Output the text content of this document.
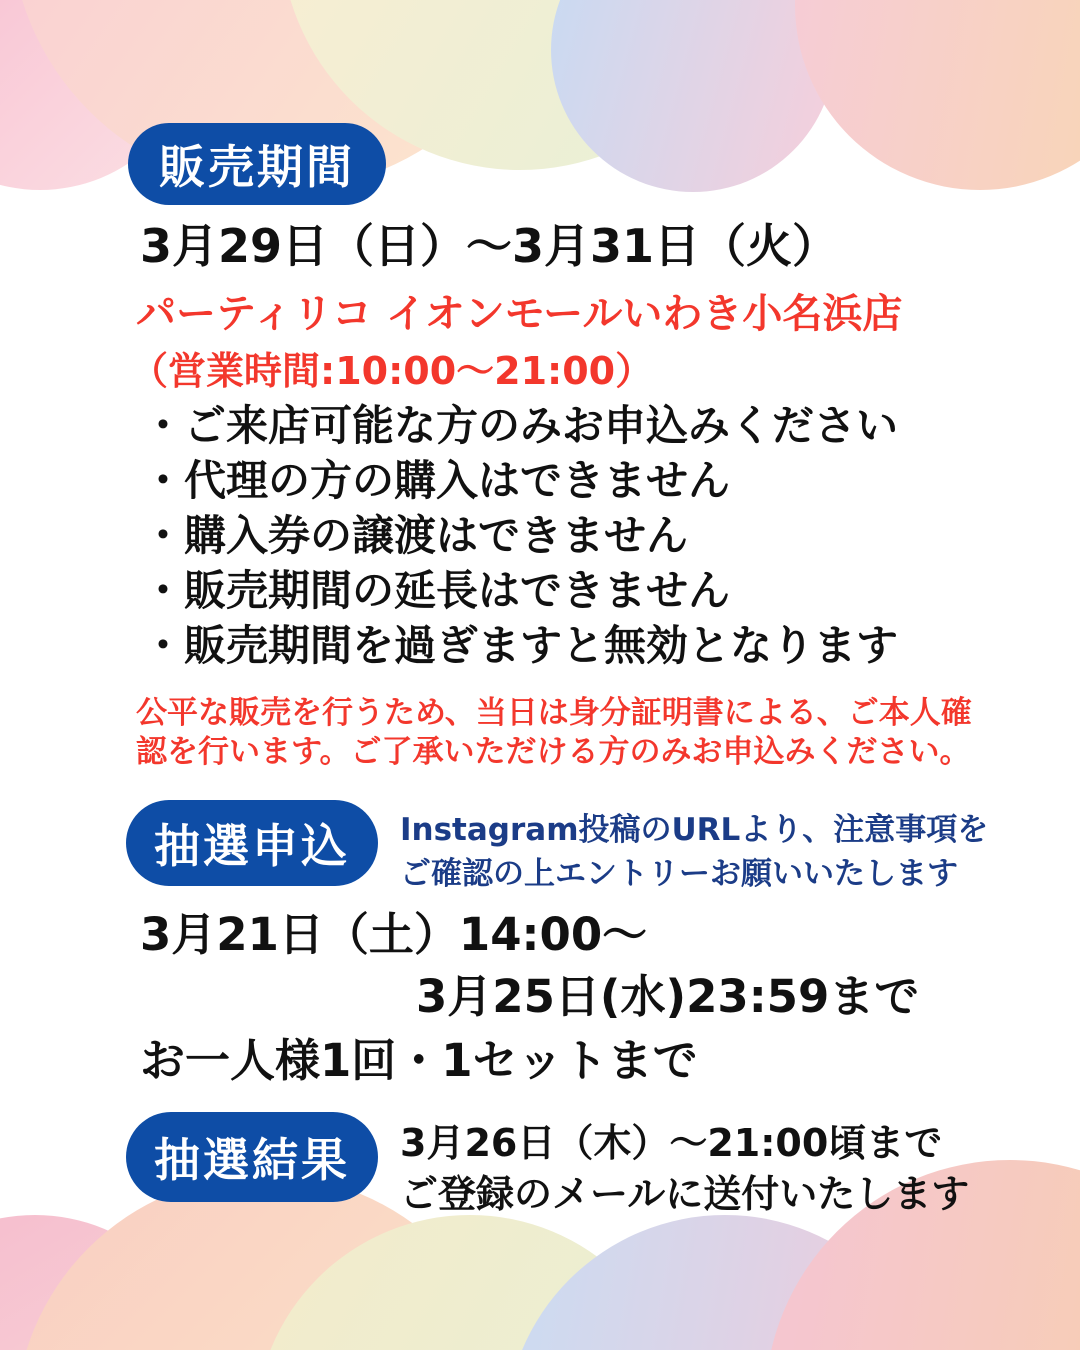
販売期間
3月29日（日）〜3月31日（火）
パーティリコ イオンモールいわき小名浜店
（営業時間:10:00〜21:00）
・ご来店可能な方のみお申込みください
・代理の方の購入はできません
・購入券の譲渡はできません
・販売期間の延長はできません
・販売期間を過ぎますと無効となります
公平な販売を行うため、当日は身分証明書による、ご本人確
認を行います。ご了承いただける方のみお申込みください。
抽選申込 Instagram投稿のURLより、注意事項を
ご確認の上エントリーお願いいたします
3月21日（土）14:00〜
3月25日(水)23:59まで
お一人様1回・1セットまで
抽選結果 3月26日（木）〜21:00頃まで
ご登録のメールに送付いたします
